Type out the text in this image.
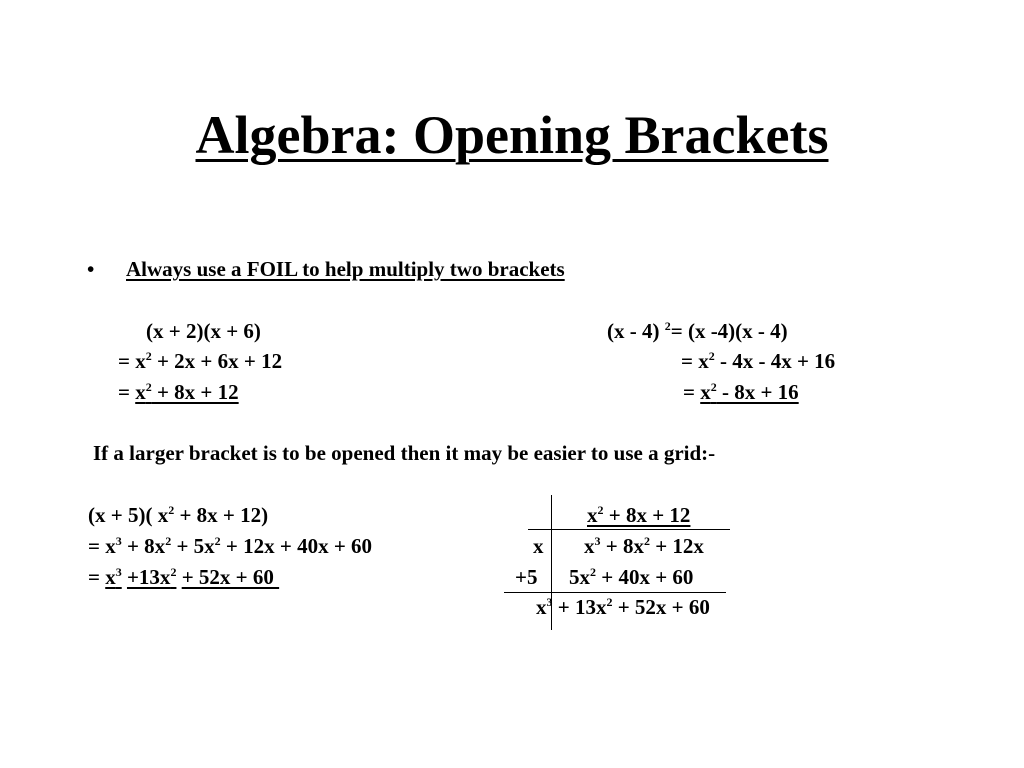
Algebra: Opening Brackets
• Always use a FOIL to help multiply two brackets
(x + 2)(x + 6)
= $x^2 + 2x + 6x + 12$
= $x^2 + 8x + 12$
(x - 4) $^2$= (x -4)(x - 4)
= $x^2 - 4x - 4x + 16$
= $x^2 - 8x + 16$
If a larger bracket is to be opened then it may be easier to use a grid:-
(x + 5)( $x^2 + 8x + 12$)
= $x^3 + 8x^2 + 5x^2 + 12x + 40x + 60$
= $x^3 +13x^2 + 52x + 60$
$x^2 + 8x + 12$
x $x^3 + 8x^2 + 12x$
+5 $5x^2 + 40x + 60$
$x^3 + 13x^2 + 52x + 60$
